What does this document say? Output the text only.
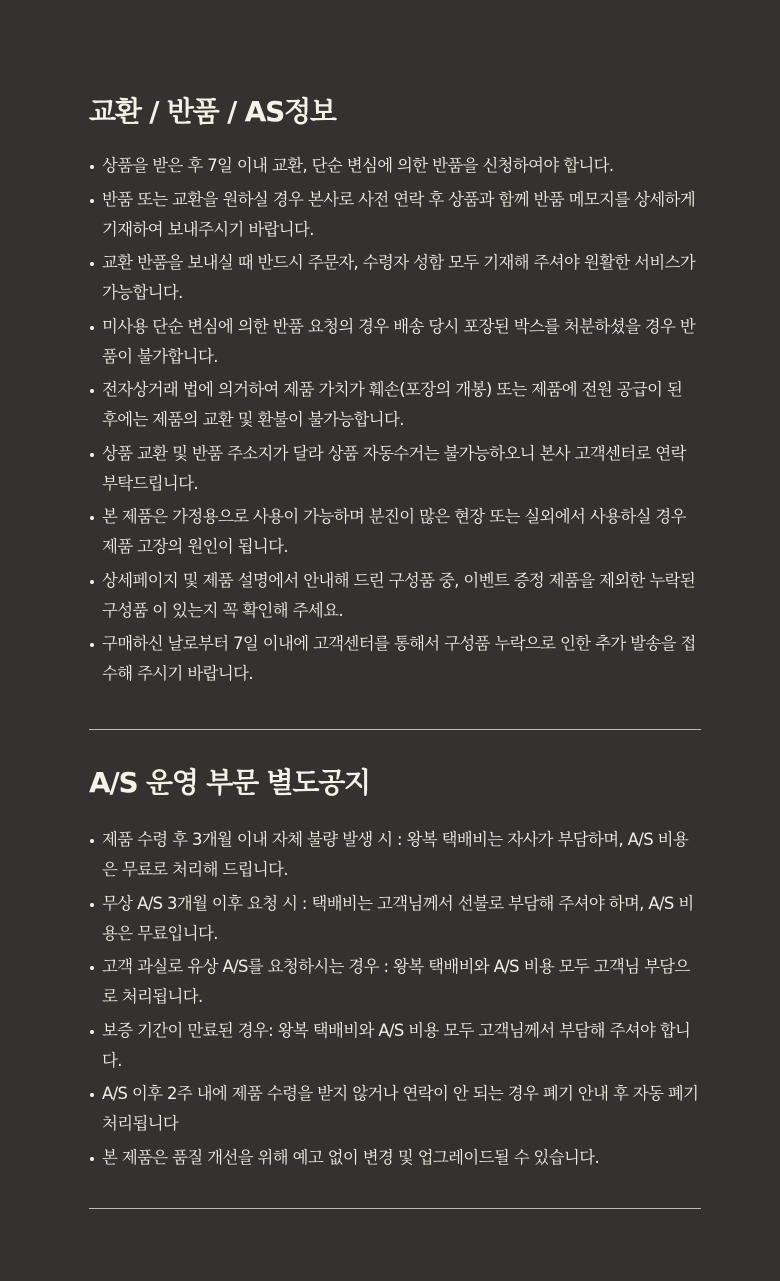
교환 / 반품 / AS정보
상품을 받은 후 7일 이내 교환, 단순 변심에 의한 반품을 신청하여야 합니다.
반품 또는 교환을 원하실 경우 본사로 사전 연락 후 상품과 함께 반품 메모지를 상세하게 기재하여 보내주시기 바랍니다.
교환 반품을 보내실 때 반드시 주문자, 수령자 성함 모두 기재해 주셔야 원활한 서비스가 가능합니다.
미사용 단순 변심에 의한 반품 요청의 경우 배송 당시 포장된 박스를 처분하셨을 경우 반품이 불가합니다.
전자상거래 법에 의거하여 제품 가치가 훼손(포장의 개봉) 또는 제품에 전원 공급이 된 후에는 제품의 교환 및 환불이 불가능합니다.
상품 교환 및 반품 주소지가 달라 상품 자동수거는 불가능하오니 본사 고객센터로 연락 부탁드립니다.
본 제품은 가정용으로 사용이 가능하며 분진이 많은 현장 또는 실외에서 사용하실 경우 제품 고장의 원인이 됩니다.
상세페이지 및 제품 설명에서 안내해 드린 구성품 중, 이벤트 증정 제품을 제외한 누락된 구성품 이 있는지 꼭 확인해 주세요.
구매하신 날로부터 7일 이내에 고객센터를 통해서 구성품 누락으로 인한 추가 발송을 접수해 주시기 바랍니다.
A/S 운영 부문 별도공지
제품 수령 후 3개월 이내 자체 불량 발생 시 : 왕복 택배비는 자사가 부담하며, A/S 비용은 무료로 처리해 드립니다.
무상 A/S 3개월 이후 요청 시 : 택배비는 고객님께서 선불로 부담해 주셔야 하며, A/S 비용은 무료입니다.
고객 과실로 유상 A/S를 요청하시는 경우 : 왕복 택배비와 A/S 비용 모두 고객님 부담으로 처리됩니다.
보증 기간이 만료된 경우: 왕복 택배비와 A/S 비용 모두 고객님께서 부담해 주셔야 합니다.
A/S 이후 2주 내에 제품 수령을 받지 않거나 연락이 안 되는 경우 폐기 안내 후 자동 폐기 처리됩니다
본 제품은 품질 개선을 위해 예고 없이 변경 및 업그레이드될 수 있습니다.
